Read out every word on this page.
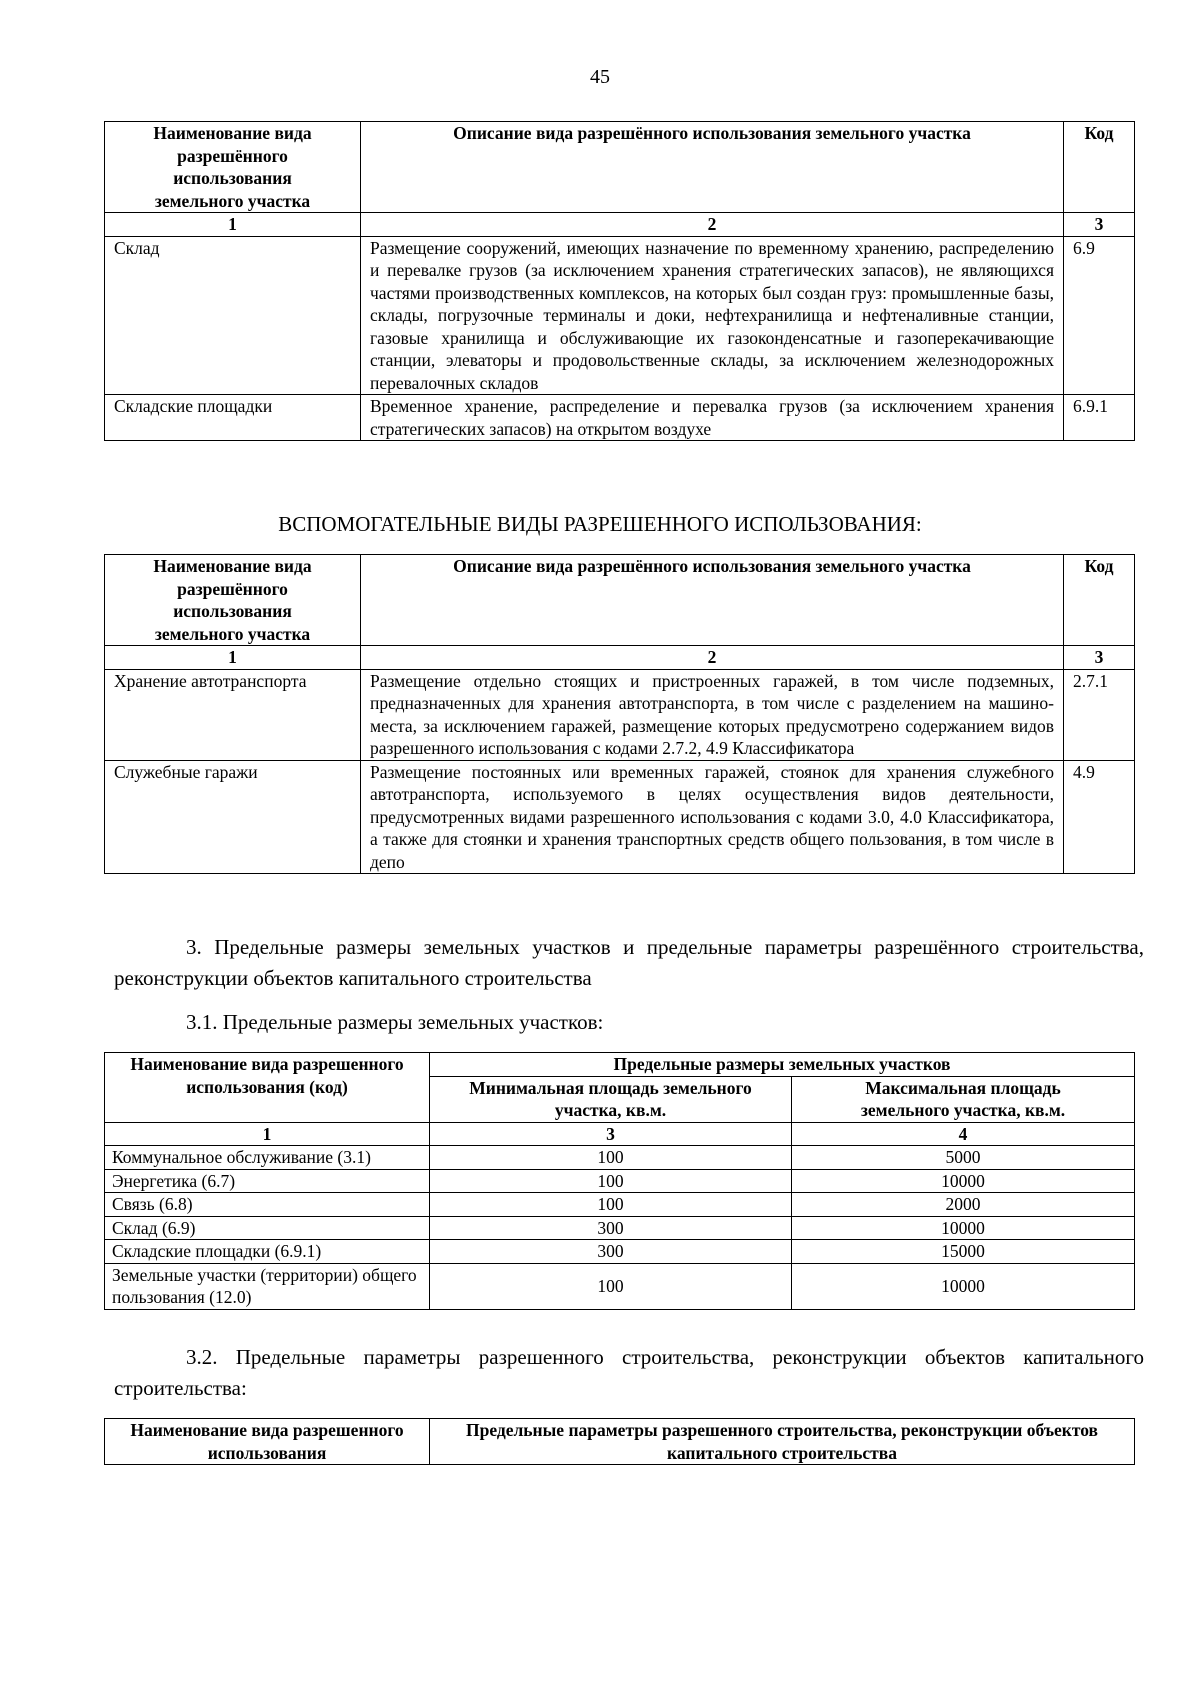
45
Наименование вида разрешённого использования земельного участка	Описание вида разрешённого использования земельного участка	Код
1	2	3
Склад	Размещение сооружений, имеющих назначение по временному хранению, распределению и перевалке грузов (за исключением хранения стратегических запасов), не являющихся частями производственных комплексов, на которых был создан груз: промышленные базы, склады, погрузочные терминалы и доки, нефтехранилища и нефтеналивные станции, газовые хранилища и обслуживающие их газоконденсатные и газоперекачивающие станции, элеваторы и продовольственные склады, за исключением железнодорожных перевалочных складов	6.9
Складские площадки	Временное хранение, распределение и перевалка грузов (за исключением хранения стратегических запасов) на открытом воздухе	6.9.1
ВСПОМОГАТЕЛЬНЫЕ ВИДЫ РАЗРЕШЕННОГО ИСПОЛЬЗОВАНИЯ:
Наименование вида разрешённого использования земельного участка	Описание вида разрешённого использования земельного участка	Код
1	2	3
Хранение автотранспорта	Размещение отдельно стоящих и пристроенных гаражей, в том числе подземных, предназначенных для хранения автотранспорта, в том числе с разделением на машино-места, за исключением гаражей, размещение которых предусмотрено содержанием видов разрешенного использования с кодами 2.7.2, 4.9 Классификатора	2.7.1
Служебные гаражи	Размещение постоянных или временных гаражей, стоянок для хранения служебного автотранспорта, используемого в целях осуществления видов деятельности, предусмотренных видами разрешенного использования с кодами 3.0, 4.0 Классификатора, а также для стоянки и хранения транспортных средств общего пользования, в том числе в депо	4.9
3. Предельные размеры земельных участков и предельные параметры разрешённого строительства, реконструкции объектов капитального строительства
3.1. Предельные размеры земельных участков:
Наименование вида разрешенного использования (код)	Предельные размеры земельных участков	
	Минимальная площадь земельного участка, кв.м.	Максимальная площадь земельного участка, кв.м.
1	3	4
Коммунальное обслуживание (3.1)	100	5000
Энергетика (6.7)	100	10000
Связь (6.8)	100	2000
Склад (6.9)	300	10000
Складские площадки (6.9.1)	300	15000
Земельные участки (территории) общего пользования (12.0)	100	10000
3.2. Предельные параметры разрешенного строительства, реконструкции объектов капитального строительства:
Наименование вида разрешенного использования	Предельные параметры разрешенного строительства, реконструкции объектов капитального строительства
